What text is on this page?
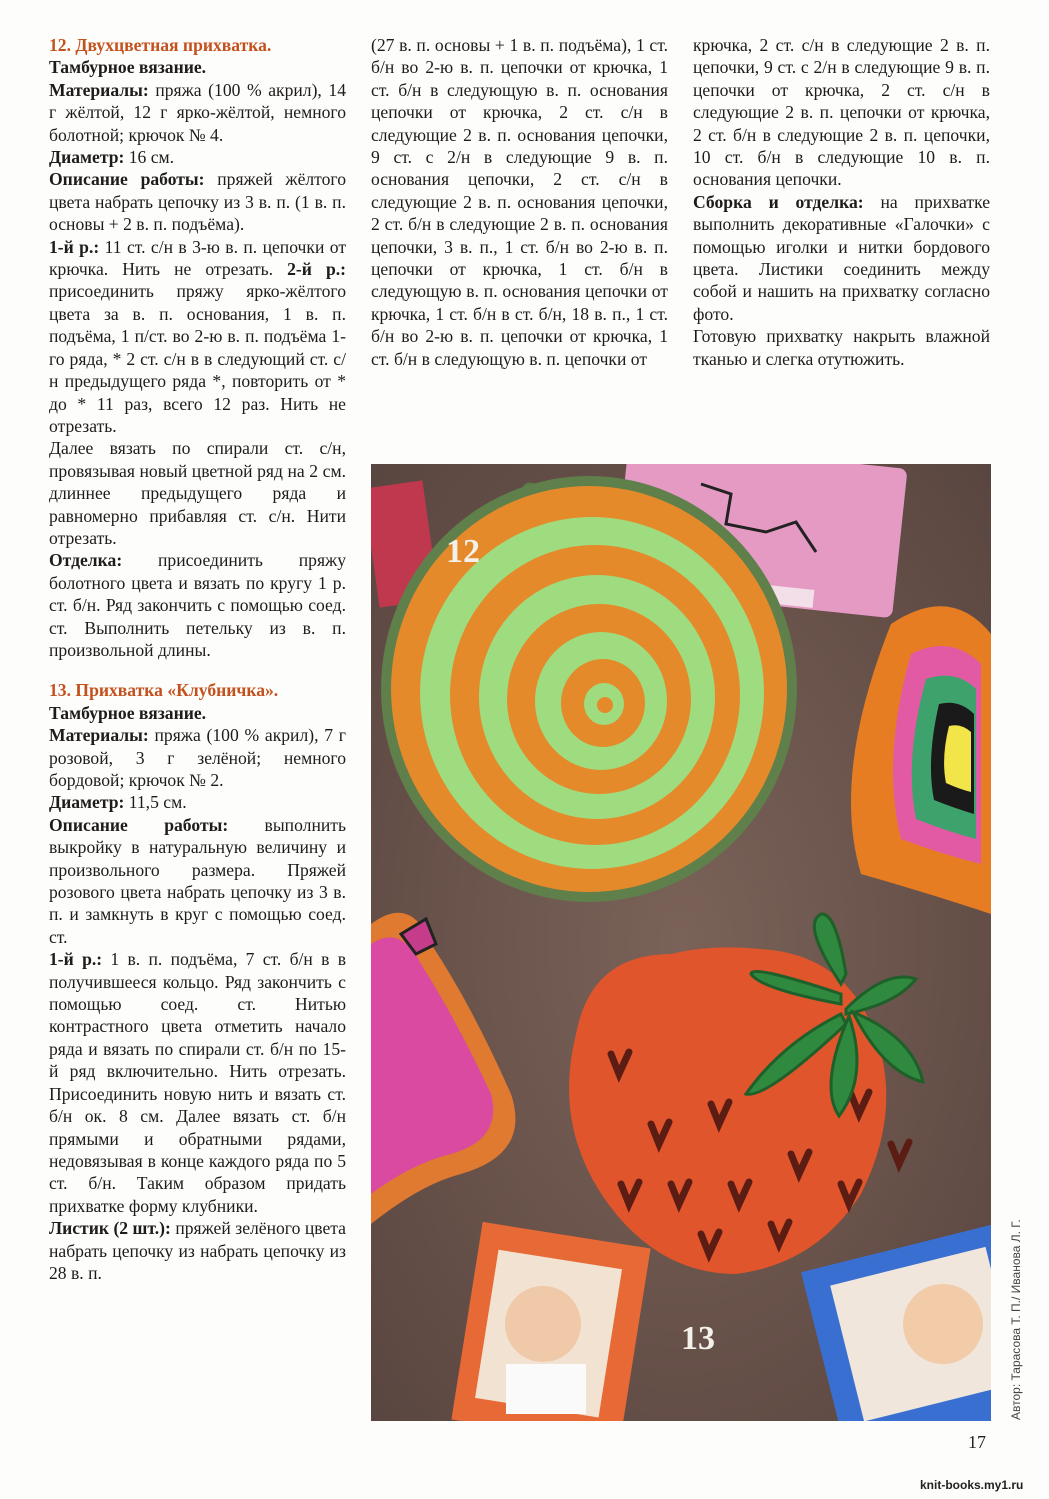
12. Двухцветная прихватка.

Тамбурное вязание.

Материалы: пряжа (100 % акрил), 14 г жёлтой, 12 г ярко-жёлтой, немного болотной; крючок № 4.

Диаметр: 16 см.

Описание работы: пряжей жёлтого цвета набрать цепочку из 3 в. п. (1 в. п. основы + 2 в. п. подъёма).

1-й р.: 11 ст. с/н в 3-ю в. п. цепочки от крючка. Нить не отрезать. 2-й р.: присоединить пряжу ярко-жёлтого цвета за в. п. основания, 1 в. п. подъёма, 1 п/ст. во 2-ю в. п. подъёма 1-го ряда, * 2 ст. с/н в в следующий ст. с/н предыдущего ряда *, повторить от * до * 11 раз, всего 12 раз. Нить не отрезать.

Далее вязать по спирали ст. с/н, провязывая новый цветной ряд на 2 см. длиннее предыдущего ряда и равномерно прибавляя ст. с/н. Нити отрезать.

Отделка: присоединить пряжу болотного цвета и вязать по кругу 1 р. ст. б/н. Ряд закончить с помощью соед. ст. Выполнить петельку из в. п. произвольной длины.

13. Прихватка «Клубничка».

Тамбурное вязание.

Материалы: пряжа (100 % акрил), 7 г розовой, 3 г зелёной; немного бордовой; крючок № 2.

Диаметр: 11,5 см.

Описание работы: выполнить выкройку в натуральную величину и произвольного размера. Пряжей розового цвета набрать цепочку из 3 в. п. и замкнуть в круг с помощью соед. ст.

1-й р.: 1 в. п. подъёма, 7 ст. б/н в в получившееся кольцо. Ряд закончить с помощью соед. ст. Нитью контрастного цвета отметить начало ряда и вязать по спирали ст. б/н по 15-й ряд включительно. Нить отрезать. Присоединить новую нить и вязать ст. б/н ок. 8 см. Далее вязать ст. б/н прямыми и обратными рядами, недовязывая в конце каждого ряда по 5 ст. б/н. Таким образом придать прихватке форму клубники.

Листик (2 шт.): пряжей зелёного цвета набрать цепочку из набрать цепочку из 28 в. п.

(27 в. п. основы + 1 в. п. подъёма), 1 ст. б/н во 2-ю в. п. цепочки от крючка, 1 ст. б/н в следующую в. п. основания цепочки от крючка, 2 ст. с/н в следующие 2 в. п. основания цепочки, 9 ст. с 2/н в следующие 9 в. п. основания цепочки, 2 ст. с/н в следующие 2 в. п. основания цепочки, 2 ст. б/н в следующие 2 в. п. основания цепочки, 3 в. п., 1 ст. б/н во 2-ю в. п. цепочки от крючка, 1 ст. б/н в следующую в. п. основания цепочки от крючка, 1 ст. б/н в ст. б/н, 18 в. п., 1 ст. б/н во 2-ю в. п. цепочки от крючка, 1 ст. б/н в следующую в. п. цепочки от

крючка, 2 ст. с/н в следующие 2 в. п. цепочки, 9 ст. с 2/н в следующие 9 в. п. цепочки от крючка, 2 ст. с/н в следующие 2 в. п. цепочки от крючка, 2 ст. б/н в следующие 2 в. п. цепочки, 10 ст. б/н в следующие 10 в. п. основания цепочки.

Сборка и отделка: на прихватке выполнить декоративные «Галочки» с помощью иголки и нитки бордового цвета. Листики соединить между собой и нашить на прихватку согласно фото.

Готовую прихватку накрыть влажной тканью и слегка отутюжить.

12
13	Автор: Тарасова Т. П./ Иванова Л. Г.
17
knit-books.my1.ru
